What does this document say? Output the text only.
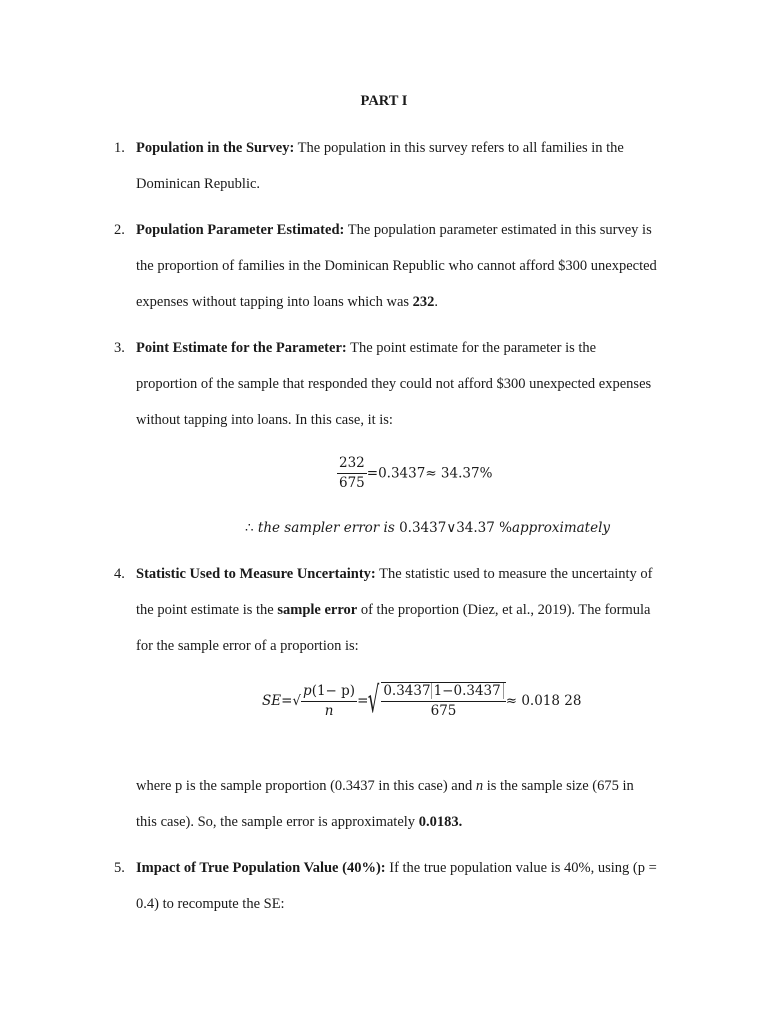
PART I
1. Population in the Survey: The population in this survey refers to all families in the
Dominican Republic.
2. Population Parameter Estimated: The population parameter estimated in this survey is
the proportion of families in the Dominican Republic who cannot afford $300 unexpected
expenses without tapping into loans which was 232.
3. Point Estimate for the Parameter: The point estimate for the parameter is the
proportion of the sample that responded they could not afford $300 unexpected expenses
without tapping into loans. In this case, it is:
$\frac{232}{675} =0.3437\approx 34.37\%$
∴ the sampler error is 0.3437∨34.37 %approximately
4. Statistic Used to Measure Uncertainty: The statistic used to measure the uncertainty of
the point estimate is the sample error of the proportion (Diez, et al., 2019). The formula
for the sample error of a proportion is:
where p is the sample proportion (0.3437 in this case) and n is the sample size (675 in
this case). So, the sample error is approximately 0.0183.
$SE=√ \frac{p(1- p)}{n}$ =√ $\frac{0.3437 1-0.3437}{675} \approx 0.018$ 28
5. Impact of True Population Value (40%): If the true population value is 40%, using (p =
0.4) to recompute the SE:
